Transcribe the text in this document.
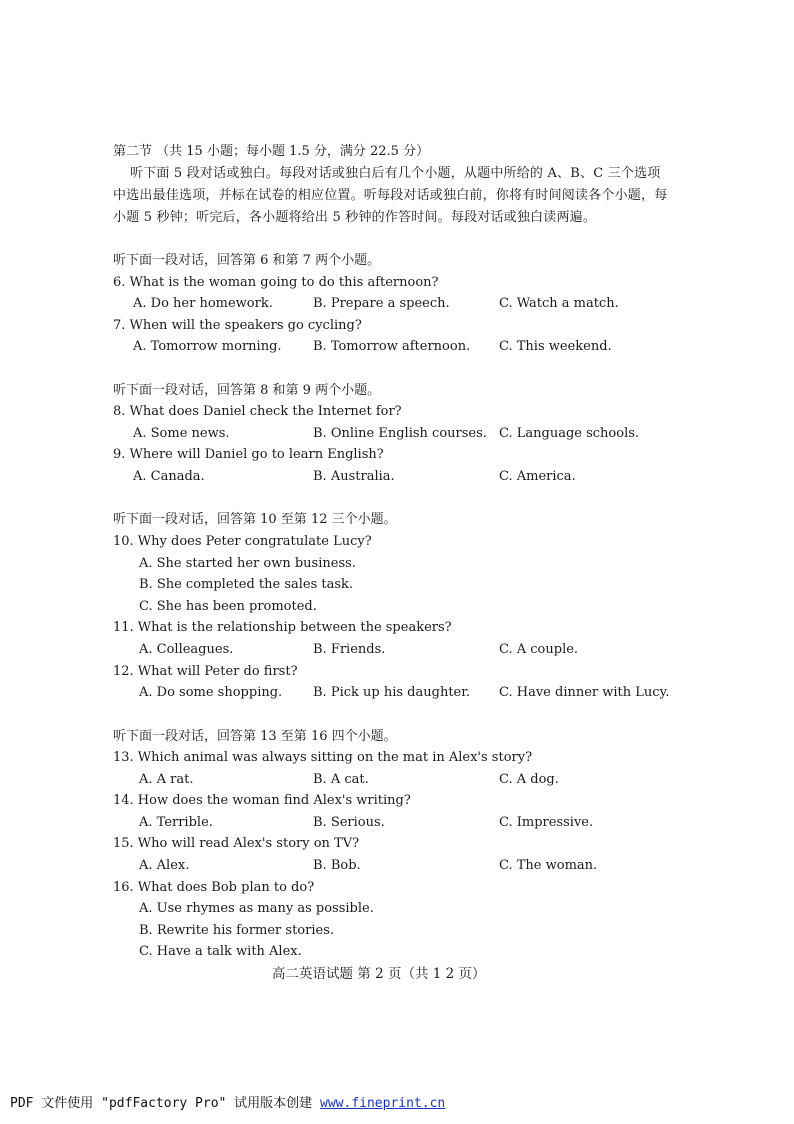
第二节 （共 15 小题；每小题 1.5 分，满分 22.5 分）
听下面 5 段对话或独白。每段对话或独白后有几个小题，从题中所给的 A、B、C 三个选项
中选出最佳选项，并标在试卷的相应位置。听每段对话或独白前，你将有时间阅读各个小题，每
小题 5 秒钟；听完后，各小题将给出 5 秒钟的作答时间。每段对话或独白读两遍。
听下面一段对话，回答第 6 和第 7 两个小题。
6. What is the woman going to do this afternoon?
A. Do her homework.	B. Prepare a speech.	C. Watch a match.
7. When will the speakers go cycling?
A. Tomorrow morning. B. Tomorrow afternoon. C. This weekend.
听下面一段对话，回答第 8 和第 9 两个小题。
8. What does Daniel check the Internet for?
A. Some news.	B. Online English courses. C. Language schools.
9. Where will Daniel go to learn English?
A. Canada.	B. Australia.	C. America.
听下面一段对话，回答第 10 至第 12 三个小题。
10. Why does Peter congratulate Lucy?
A. She started her own business.
B. She completed the sales task.
C. She has been promoted.
11. What is the relationship between the speakers?
A. Colleagues.	B. Friends.	C. A couple.
12. What will Peter do first?
A. Do some shopping. B. Pick up his daughter. C. Have dinner with Lucy.
听下面一段对话，回答第 13 至第 16 四个小题。
13. Which animal was always sitting on the mat in Alex's story?
A. A rat.	B. A cat.	C. A dog.
14. How does the woman find Alex's writing?
A. Terrible.	B. Serious.	C. Impressive.
15. Who will read Alex's story on TV?
A. Alex.	B. Bob.	C. The woman.
16. What does Bob plan to do?
A. Use rhymes as many as possible.
B. Rewrite his former stories.
C. Have a talk with Alex.
高二英语试题 第 2 页（共 1 2 页）
PDF 文件使用 "pdfFactory Pro" 试用版本创建 www.fineprint.cn
